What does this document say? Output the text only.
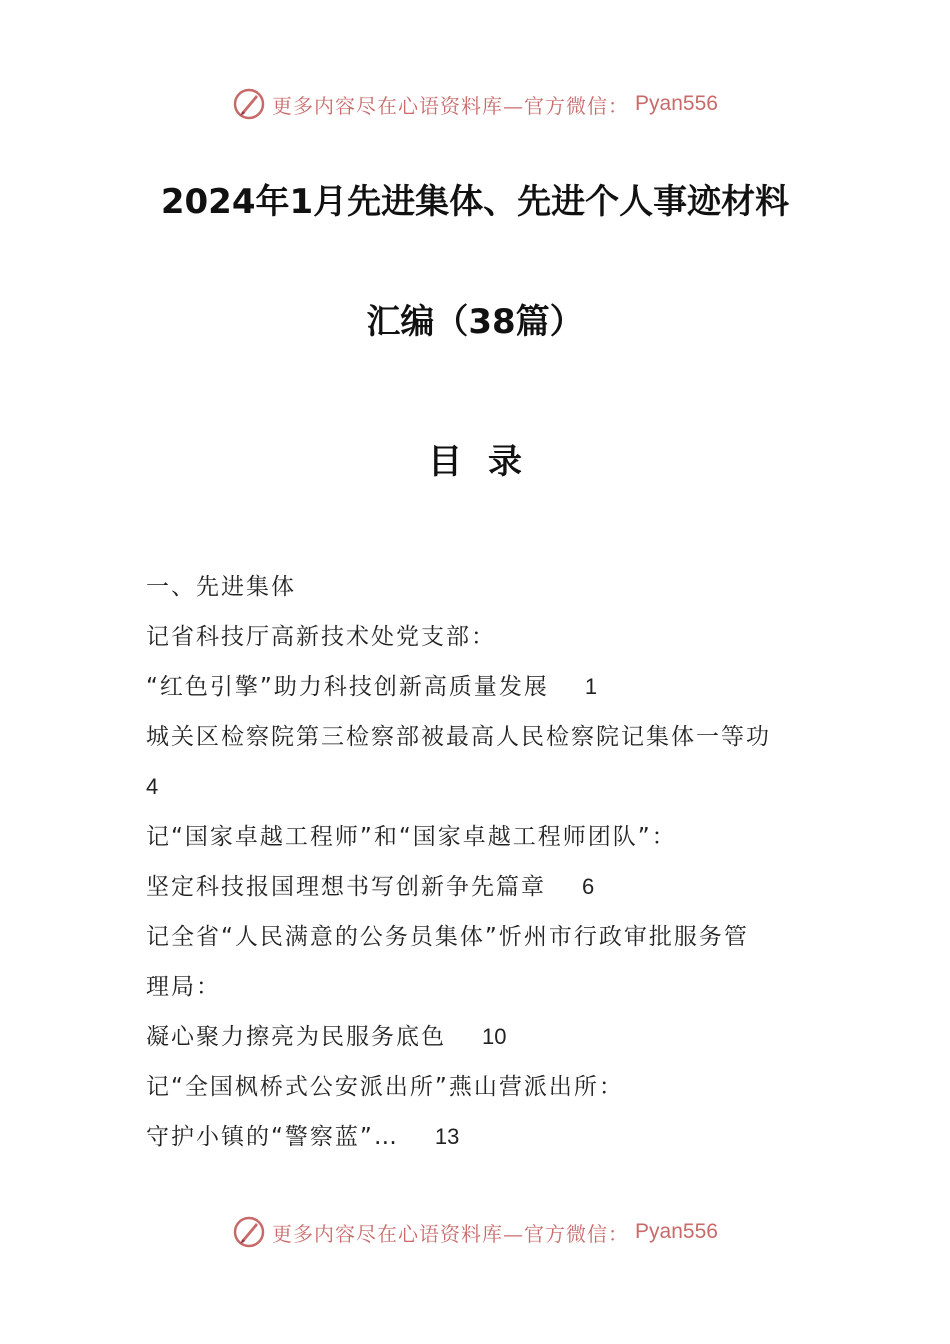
更多内容尽在心语资料库—官方微信： Pyan556
2024年1月先进集体、先进个人事迹材料
汇编（38篇）
目录
一、先进集体
记省科技厅高新技术处党支部：
“红色引擎”助力科技创新高质量发展 1
城关区检察院第三检察部被最高人民检察院记集体一等功
4
记“国家卓越工程师”和“国家卓越工程师团队”：
坚定科技报国理想书写创新争先篇章 6
记全省“人民满意的公务员集体”忻州市行政审批服务管
理局：
凝心聚力擦亮为民服务底色 10
记“全国枫桥式公安派出所”燕山营派出所：
守护小镇的“警察蓝”… 13
更多内容尽在心语资料库—官方微信： Pyan556
